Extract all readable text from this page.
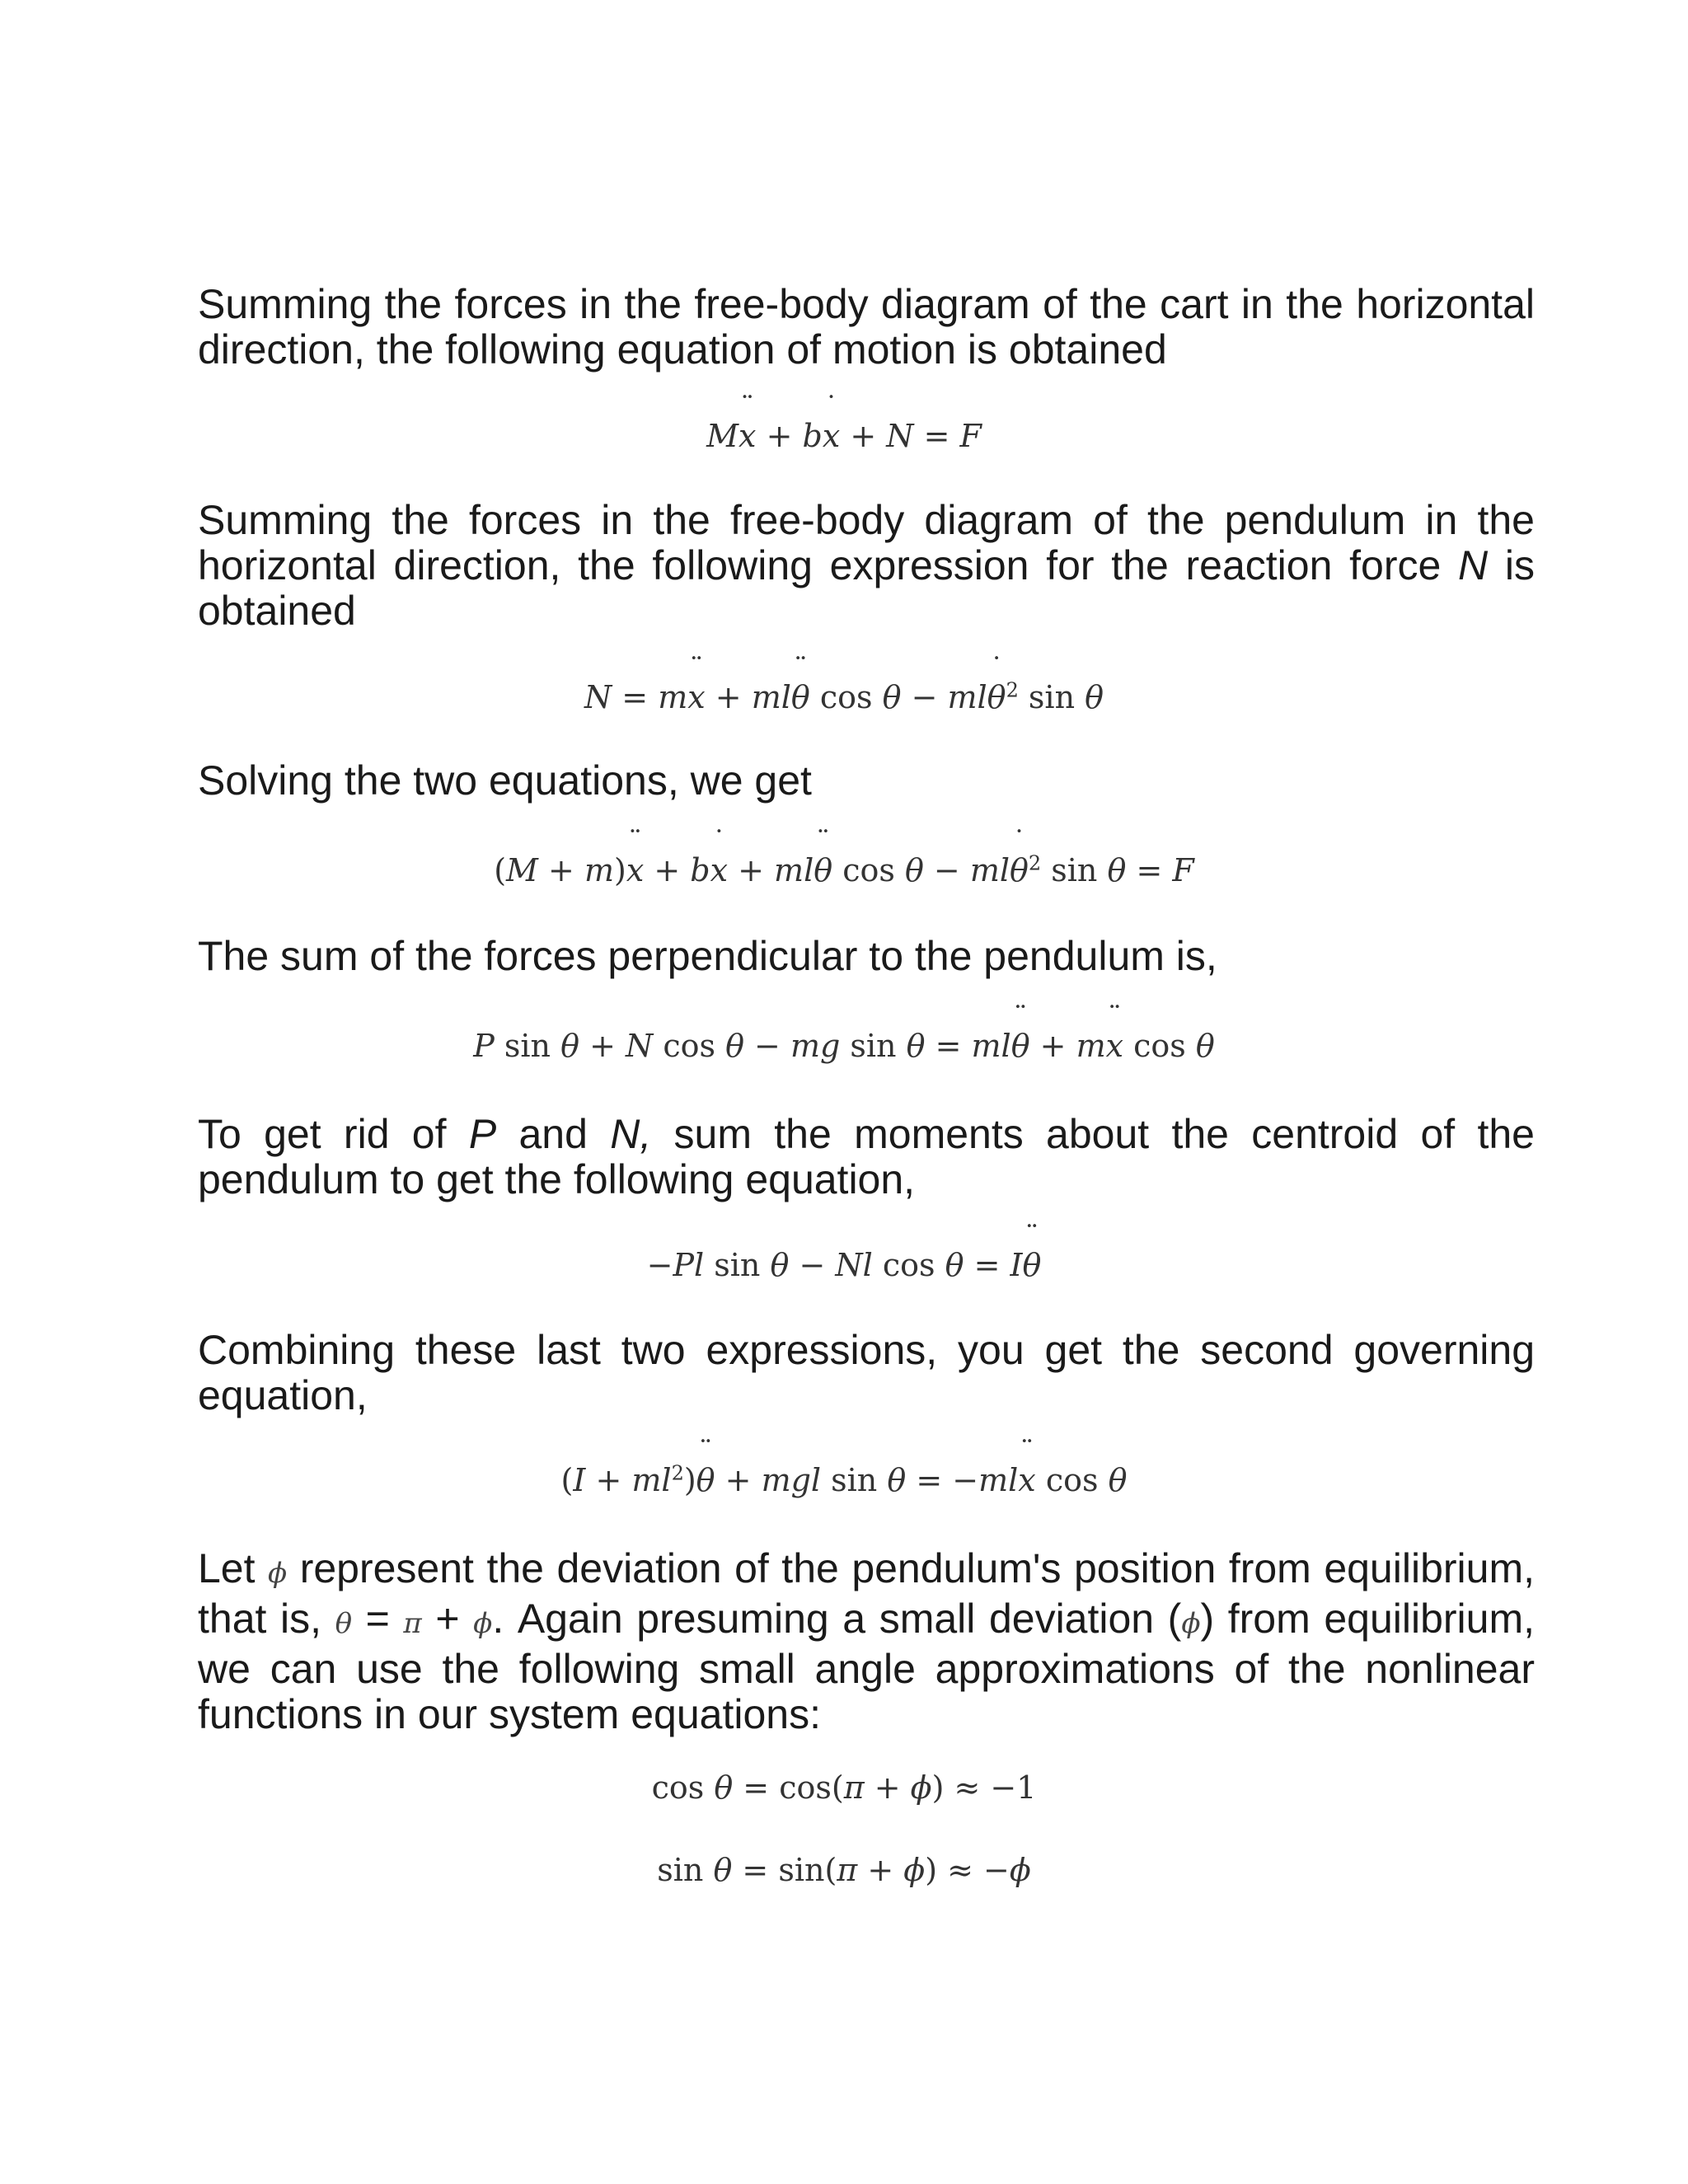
Summing the forces in the free-body diagram of the cart in the horizontal direction, the following equation of motion is obtained

M¨ x + b˙ x + N = F

Summing the forces in the free-body diagram of the pendulum in the horizontal direction, the following expression for the reaction force N is obtained

N = m¨ x + ml¨ θ cos θ − ml˙ $\theta^2$ sin θ

Solving the two equations, we get

(M + m)¨ x + b˙ x + ml¨ θ cos θ − ml˙ $\theta^2$ sin θ = F

The sum of the forces perpendicular to the pendulum is,

P sin θ + N cos θ − mg sin θ = ml¨ θ + m¨ x cos θ

To get rid of P and N, sum the moments about the centroid of the pendulum to get the following equation,

−Pl sin θ − Nl cos θ = I¨ θ

Combining these last two expressions, you get the second governing equation,

$(I + ml^2)¨$ θ + mgl sin θ = −ml¨ x cos θ

Let ϕ represent the deviation of the pendulum's position from equilibrium, that is, θ = π + ϕ. Again presuming a small deviation (ϕ) from equilibrium, we can use the following small angle approximations of the nonlinear functions in our system equations:

cos θ = cos(π + ϕ) ≈ −1
sin θ = sin(π + ϕ) ≈ −ϕ
